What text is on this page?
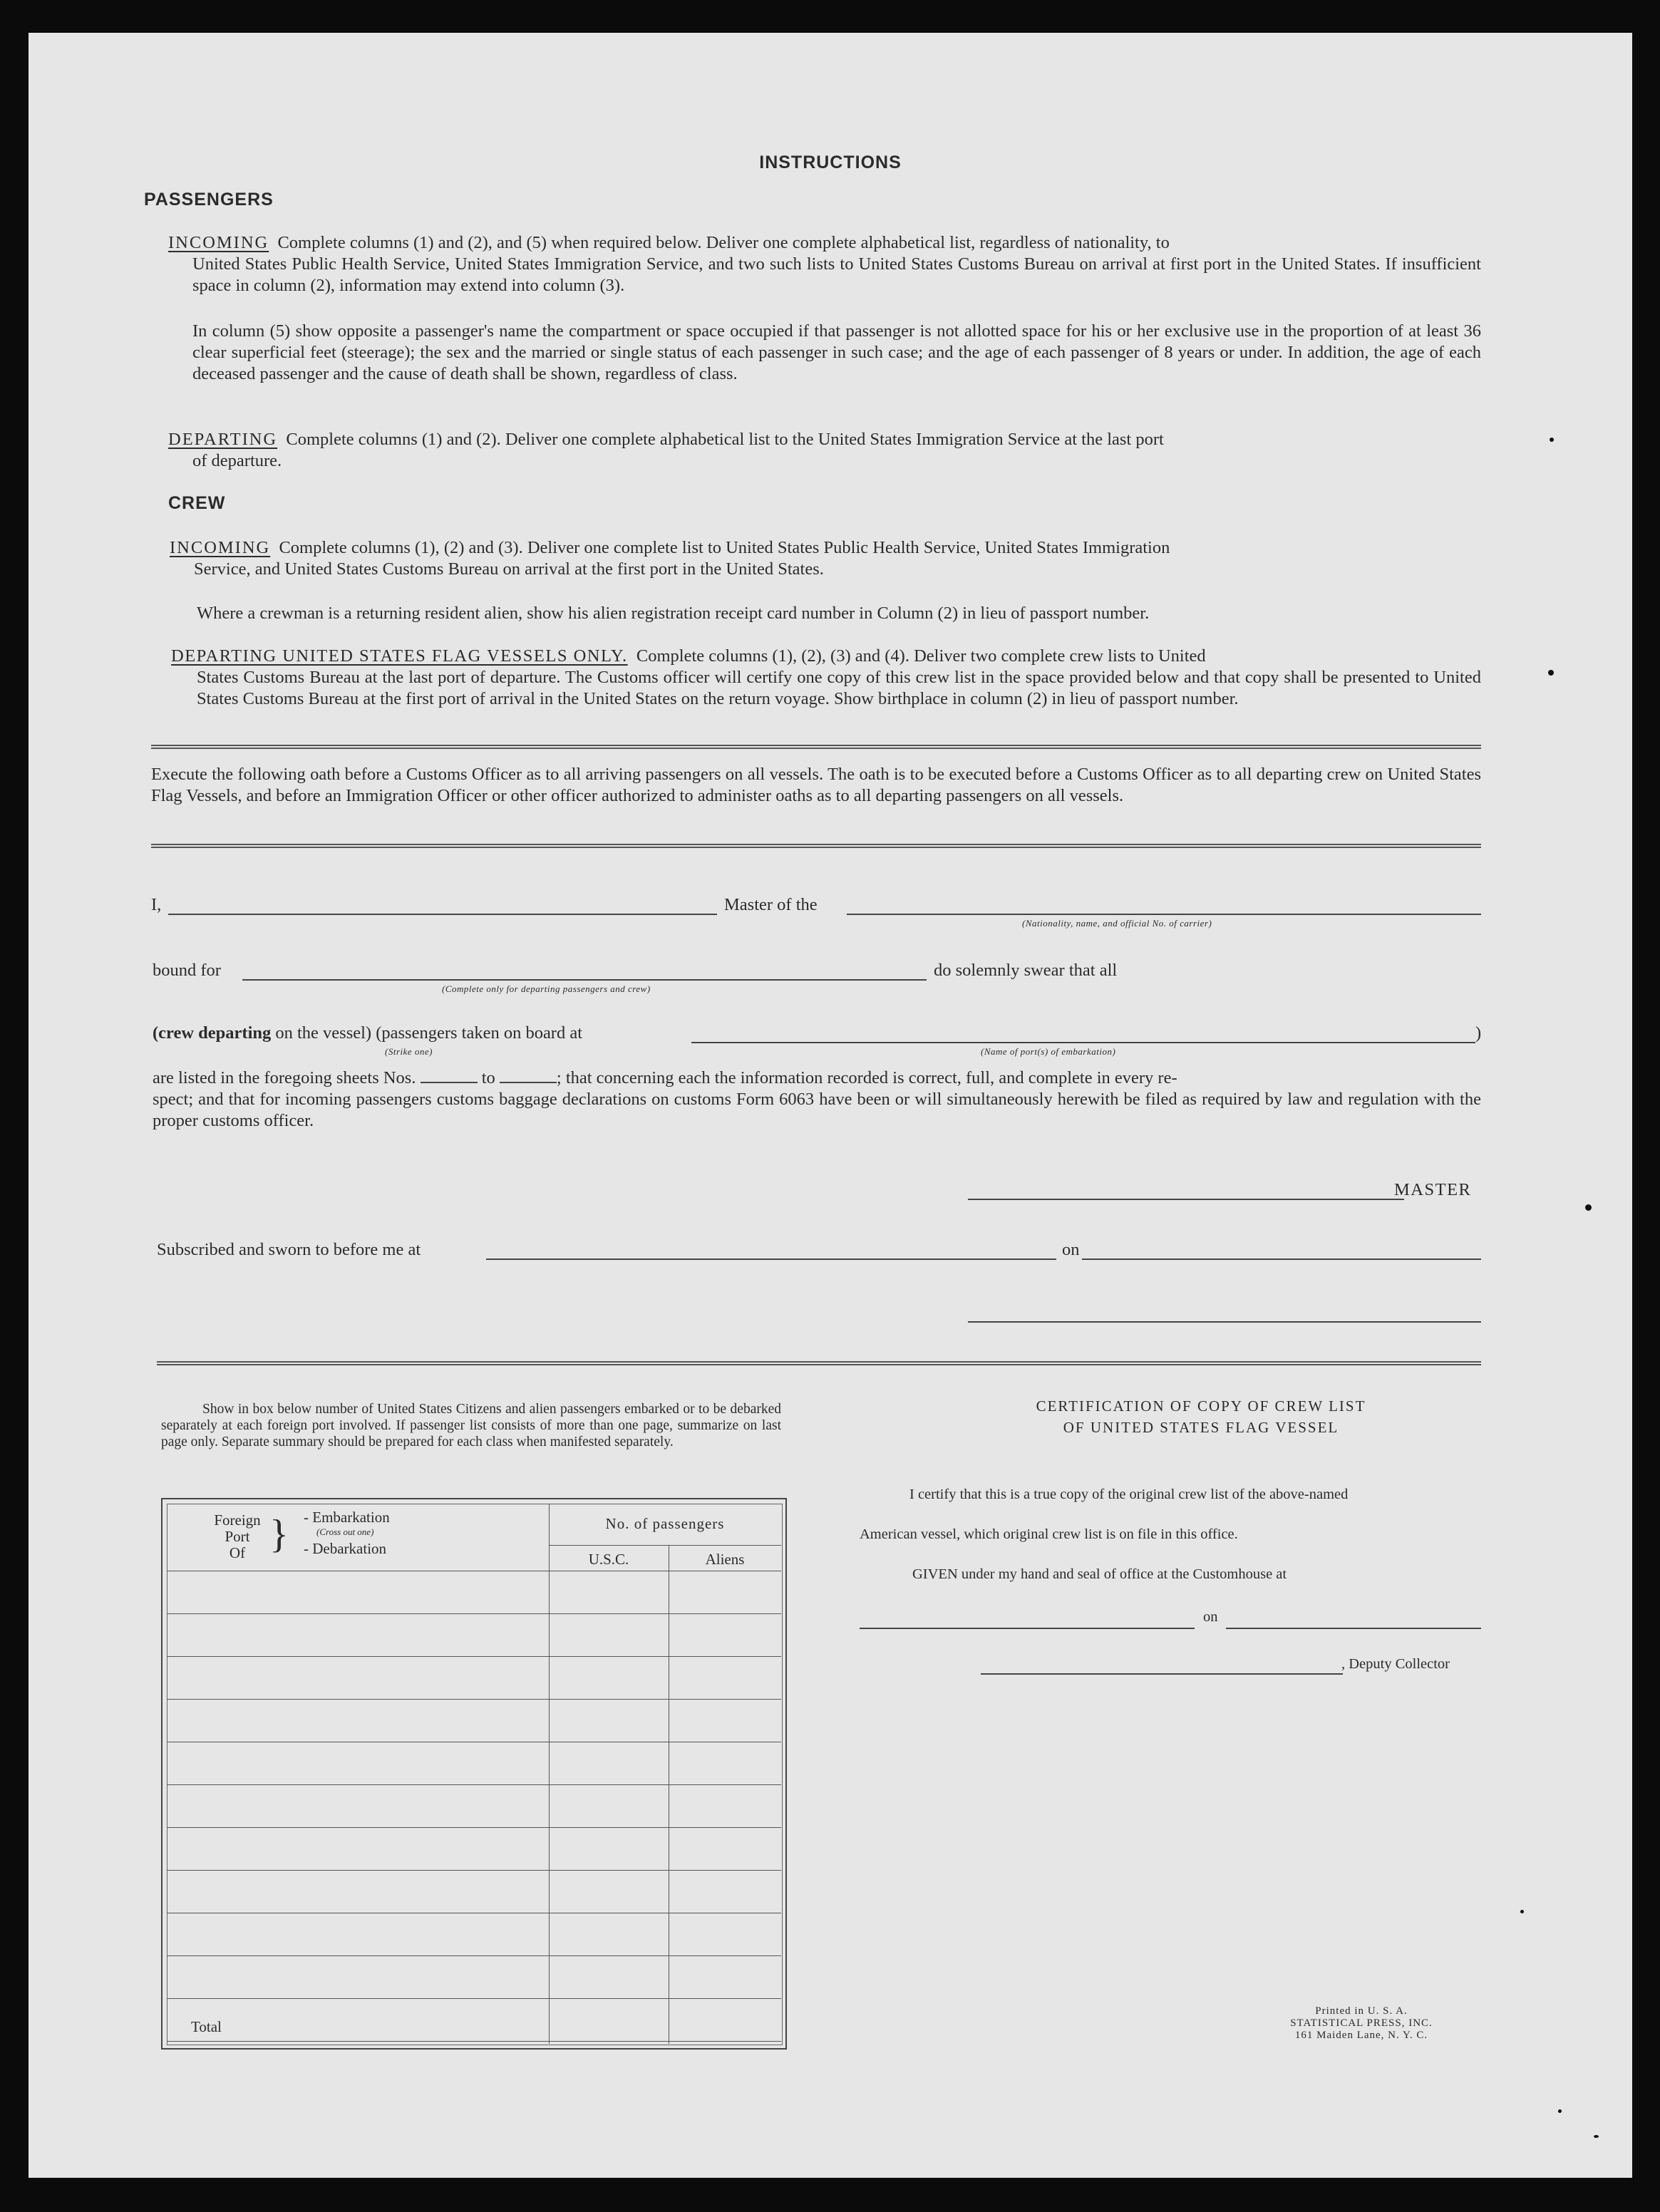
INSTRUCTIONS
PASSENGERS
INCOMING Complete columns (1) and (2), and (5) when required below. Deliver one complete alphabetical list, regardless of nationality, to
United States Public Health Service, United States Immigration Service, and two such lists to United States Customs Bureau on arrival at first port in the United States. If insufficient space in column (2), information may extend into column (3).
In column (5) show opposite a passenger's name the compartment or space occupied if that passenger is not allotted space for his or her exclusive use in the proportion of at least 36 clear superficial feet (steerage); the sex and the married or single status of each passenger in such case; and the age of each passenger of 8 years or under. In addition, the age of each deceased passenger and the cause of death shall be shown, regardless of class.
DEPARTING Complete columns (1) and (2). Deliver one complete alphabetical list to the United States Immigration Service at the last port
of departure.
CREW
INCOMING Complete columns (1), (2) and (3). Deliver one complete list to United States Public Health Service, United States Immigration
Service, and United States Customs Bureau on arrival at the first port in the United States.
Where a crewman is a returning resident alien, show his alien registration receipt card number in Column (2) in lieu of passport number.
DEPARTING UNITED STATES FLAG VESSELS ONLY. Complete columns (1), (2), (3) and (4). Deliver two complete crew lists to United
States Customs Bureau at the last port of departure. The Customs officer will certify one copy of this crew list in the space provided below and that copy shall be presented to United States Customs Bureau at the first port of arrival in the United States on the return voyage. Show birthplace in column (2) in lieu of passport number.
Execute the following oath before a Customs Officer as to all arriving passengers on all vessels. The oath is to be executed before a Customs Officer as to all departing crew on United States Flag Vessels, and before an Immigration Officer or other officer authorized to administer oaths as to all departing passengers on all vessels.
I,	Master of the
(Nationality, name, and official No. of carrier)
bound for
(Complete only for departing passengers and crew)
do solemnly swear that all
(crew departing on the vessel) (passengers taken on board at	)
(Strike one)	(Name of port(s) of embarkation)
are listed in the foregoing sheets Nos.	to	; that concerning each the information recorded is correct, full, and complete in every re-
spect; and that for incoming passengers customs baggage declarations on customs Form 6063 have been or will simultaneously herewith be filed as required by law and regulation with the proper customs officer.
MASTER
Subscribed and sworn to before me at	on
Show in box below number of United States Citizens and alien passengers embarked or to be debarked separately at each foreign port involved. If passenger list consists of more than one page, summarize on last page only. Separate summary should be prepared for each class when manifested separately.
Foreign
Port
Of } - Embarkation
(Cross out one)
- Debarkation
No. of passengers
U.S.C.	Aliens
Total
CERTIFICATION OF COPY OF CREW LIST
OF UNITED STATES FLAG VESSEL
I certify that this is a true copy of the original crew list of the above-named
American vessel, which original crew list is on file in this office.
GIVEN under my hand and seal of office at the Customhouse at
on
, Deputy Collector
Printed in U. S. A.
STATISTICAL PRESS, INC.
161 Maiden Lane, N. Y. C.
